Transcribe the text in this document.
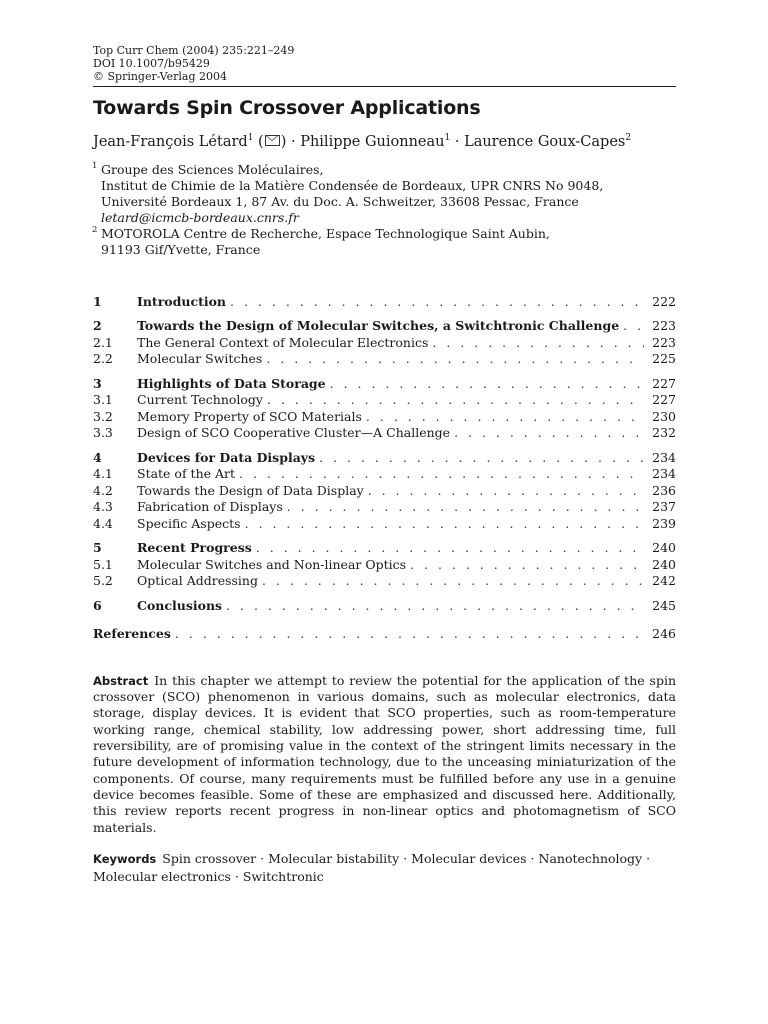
Top Curr Chem (2004) 235:221–249
DOI 10.1007/b95429
© Springer-Verlag 2004
Towards Spin Crossover Applications
Jean-François Létard$^1$ ( ) · Philippe Guionneau$^1$ · Laurence Goux-Capes$^2$
1 Groupe des Sciences Moléculaires,
Institut de Chimie de la Matière Condensée de Bordeaux, UPR CNRS No 9048,
Université Bordeaux 1, 87 Av. du Doc. A. Schweitzer, 33608 Pessac, France
letard@icmcb-bordeaux.cnrs.fr
2 MOTOROLA Centre de Recherche, Espace Technologique Saint Aubin,
91193 Gif/Yvette, France
1	Introduction . . .	222
2	Towards the Design of Molecular Switches, a Switchtronic Challenge . . .	223
2.1	The General Context of Molecular Electronics . . .	223
2.2	Molecular Switches . . .	225
3	Highlights of Data Storage . . .	227
3.1	Current Technology . . .	227
3.2	Memory Property of SCO Materials . . .	230
3.3	Design of SCO Cooperative Cluster—A Challenge . . .	232
4	Devices for Data Displays . . .	234
4.1	State of the Art . . .	234
4.2	Towards the Design of Data Display . . .	236
4.3	Fabrication of Displays . . .	237
4.4	Specific Aspects . . .	239
5	Recent Progress . . .	240
5.1	Molecular Switches and Non-linear Optics . . .	240
5.2	Optical Addressing . . .	242
6	Conclusions . . .	245
References . . .	246
Abstract In this chapter we attempt to review the potential for the application of the spin crossover (SCO) phenomenon in various domains, such as molecular electronics, data storage, display devices. It is evident that SCO properties, such as room-temperature working range, chemical stability, low addressing power, short addressing time, full reversibility, are of promising value in the context of the stringent limits necessary in the future development of information technology, due to the unceasing miniaturization of the components. Of course, many requirements must be fulfilled before any use in a genuine device becomes feasible. Some of these are emphasized and discussed here. Additionally, this review reports recent progress in non-linear optics and photomagnetism of SCO materials.
Keywords Spin crossover · Molecular bistability · Molecular devices · Nanotechnology · Molecular electronics · Switchtronic
